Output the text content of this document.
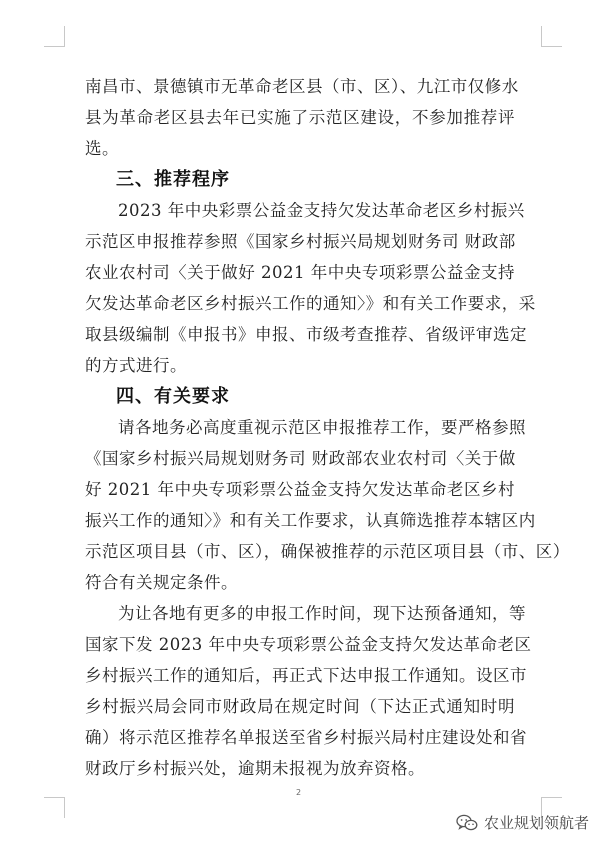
南昌市、景德镇市无革命老区县（市、区）、九江市仅修水
县为革命老区县去年已实施了示范区建设，不参加推荐评
选。
三、推荐程序
2023 年中央彩票公益金支持欠发达革命老区乡村振兴
示范区申报推荐参照《国家乡村振兴局规划财务司 财政部
农业农村司〈关于做好 2021 年中央专项彩票公益金支持
欠发达革命老区乡村振兴工作的通知〉》和有关工作要求，采
取县级编制《申报书》申报、市级考查推荐、省级评审选定
的方式进行。
四、有关要求
请各地务必高度重视示范区申报推荐工作，要严格参照
《国家乡村振兴局规划财务司 财政部农业农村司〈关于做
好 2021 年中央专项彩票公益金支持欠发达革命老区乡村
振兴工作的通知〉》和有关工作要求，认真筛选推荐本辖区内
示范区项目县（市、区），确保被推荐的示范区项目县（市、区）
符合有关规定条件。
为让各地有更多的申报工作时间，现下达预备通知，等
国家下发 2023 年中央专项彩票公益金支持欠发达革命老区
乡村振兴工作的通知后，再正式下达申报工作通知。设区市
乡村振兴局会同市财政局在规定时间（下达正式通知时明
确）将示范区推荐名单报送至省乡村振兴局村庄建设处和省
财政厅乡村振兴处，逾期未报视为放弃资格。
2
农业规划领航者
